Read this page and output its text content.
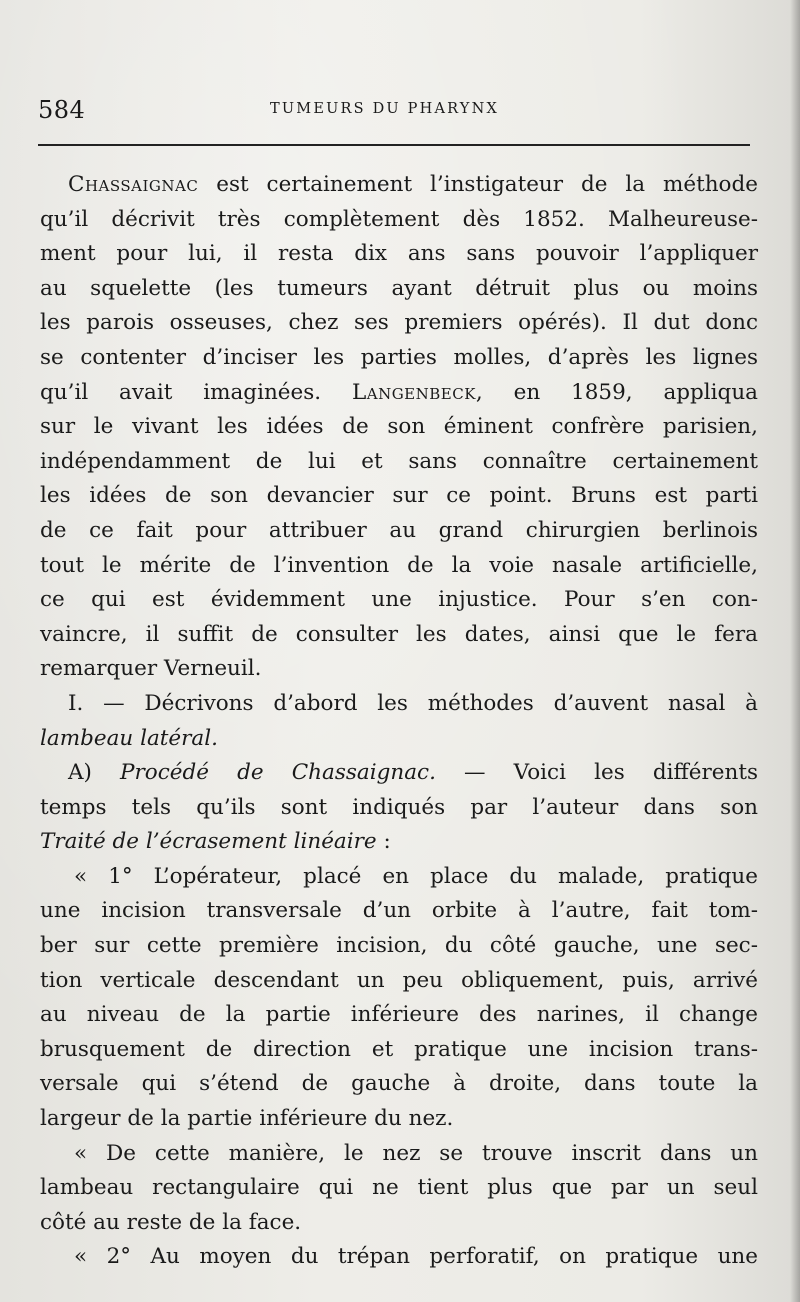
584	TUMEURS DU PHARYNX
Chassaignac est certainement l’instigateur de la méthode
qu’il décrivit très complètement dès 1852. Malheureuse-
ment pour lui, il resta dix ans sans pouvoir l’appliquer
au squelette (les tumeurs ayant détruit plus ou moins
les parois osseuses, chez ses premiers opérés). Il dut donc
se contenter d’inciser les parties molles, d’après les lignes
qu’il avait imaginées. Langenbeck, en 1859, appliqua
sur le vivant les idées de son éminent confrère parisien,
indépendamment de lui et sans connaître certainement
les idées de son devancier sur ce point. Bruns est parti
de ce fait pour attribuer au grand chirurgien berlinois
tout le mérite de l’invention de la voie nasale artificielle,
ce qui est évidemment une injustice. Pour s’en con-
vaincre, il suffit de consulter les dates, ainsi que le fera
remarquer Verneuil.
I. — Décrivons d’abord les méthodes d’auvent nasal à
lambeau latéral.
A) Procédé de Chassaignac. — Voici les différents
temps tels qu’ils sont indiqués par l’auteur dans son
Traité de l’écrasement linéaire :
« 1° L’opérateur, placé en place du malade, pratique
une incision transversale d’un orbite à l’autre, fait tom-
ber sur cette première incision, du côté gauche, une sec-
tion verticale descendant un peu obliquement, puis, arrivé
au niveau de la partie inférieure des narines, il change
brusquement de direction et pratique une incision trans-
versale qui s’étend de gauche à droite, dans toute la
largeur de la partie inférieure du nez.
« De cette manière, le nez se trouve inscrit dans un
lambeau rectangulaire qui ne tient plus que par un seul
côté au reste de la face.
« 2° Au moyen du trépan perforatif, on pratique une
